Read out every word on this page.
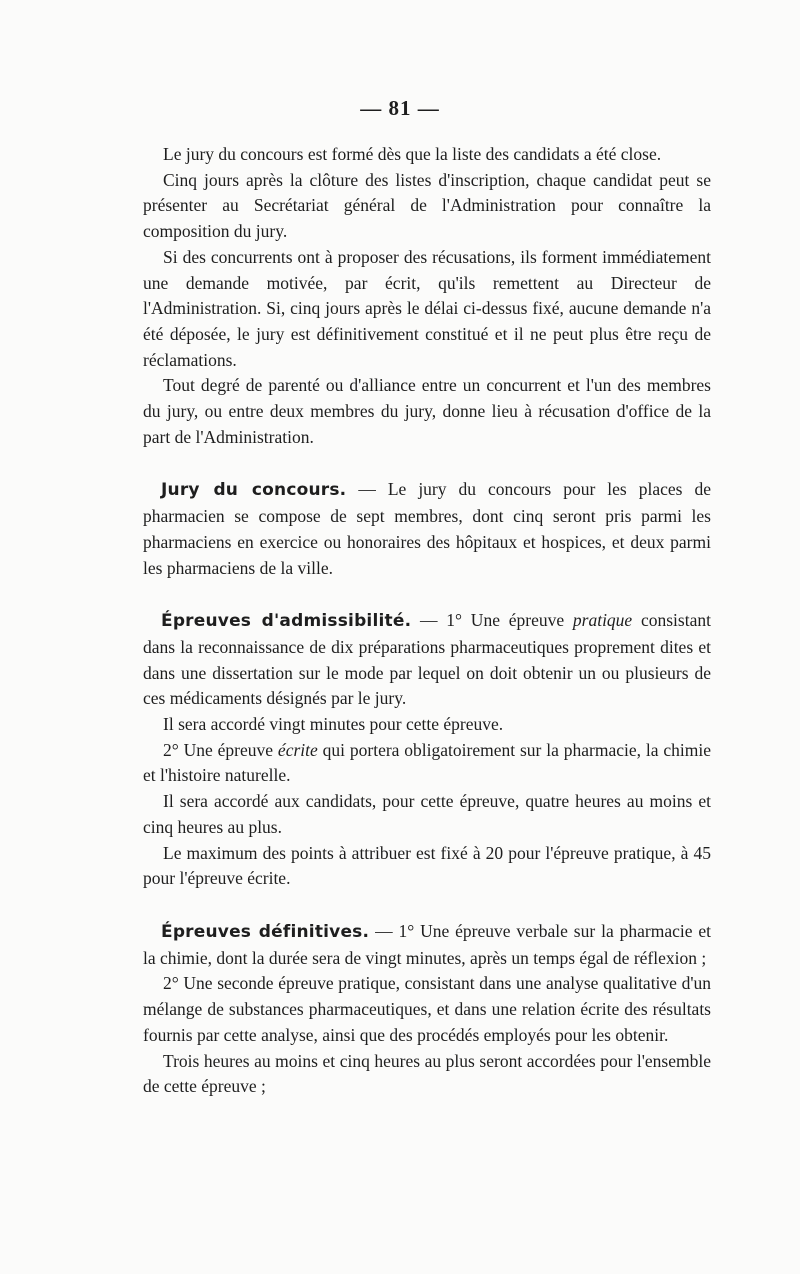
— 81 —

Le jury du concours est formé dès que la liste des candidats a été close.

Cinq jours après la clôture des listes d'inscription, chaque candidat peut se présenter au Secrétariat général de l'Administration pour connaître la composition du jury.

Si des concurrents ont à proposer des récusations, ils forment immédiatement une demande motivée, par écrit, qu'ils remettent au Directeur de l'Administration. Si, cinq jours après le délai ci-dessus fixé, aucune demande n'a été déposée, le jury est définitivement constitué et il ne peut plus être reçu de réclamations.

Tout degré de parenté ou d'alliance entre un concurrent et l'un des membres du jury, ou entre deux membres du jury, donne lieu à récusation d'office de la part de l'Administration.

Jury du concours. — Le jury du concours pour les places de pharmacien se compose de sept membres, dont cinq seront pris parmi les pharmaciens en exercice ou honoraires des hôpitaux et hospices, et deux parmi les pharmaciens de la ville.

Épreuves d'admissibilité. — 1° Une épreuve pratique consistant dans la reconnaissance de dix préparations pharmaceutiques proprement dites et dans une dissertation sur le mode par lequel on doit obtenir un ou plusieurs de ces médicaments désignés par le jury.

Il sera accordé vingt minutes pour cette épreuve.

2° Une épreuve écrite qui portera obligatoirement sur la pharmacie, la chimie et l'histoire naturelle.

Il sera accordé aux candidats, pour cette épreuve, quatre heures au moins et cinq heures au plus.

Le maximum des points à attribuer est fixé à 20 pour l'épreuve pratique, à 45 pour l'épreuve écrite.

Épreuves définitives. — 1° Une épreuve verbale sur la pharmacie et la chimie, dont la durée sera de vingt minutes, après un temps égal de réflexion ;

2° Une seconde épreuve pratique, consistant dans une analyse qualitative d'un mélange de substances pharmaceutiques, et dans une relation écrite des résultats fournis par cette analyse, ainsi que des procédés employés pour les obtenir.

Trois heures au moins et cinq heures au plus seront accordées pour l'ensemble de cette épreuve ;
